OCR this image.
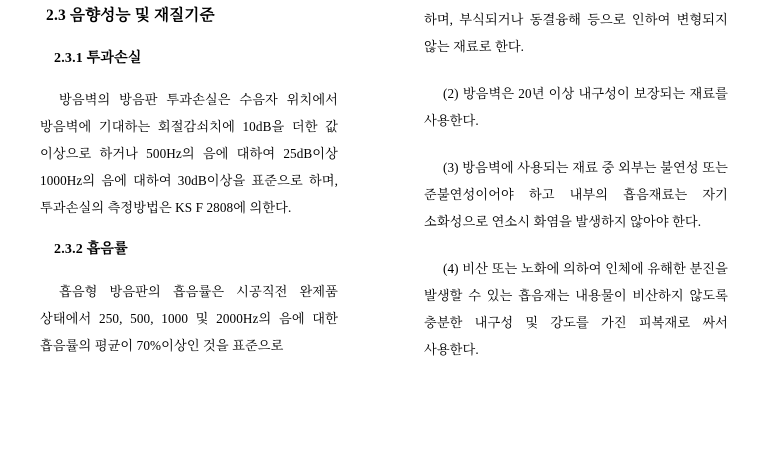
2.3 음향성능 및 재질기준
2.3.1 투과손실

방음벽의 방음판 투과손실은 수음자 위치에서 방음벽에 기대하는 회절감쇠치에 10dB을 더한 값 이상으로 하거나 500Hz의 음에 대하여 25dB이상 1000Hz의 음에 대하여 30dB이상을 표준으로 하며, 투과손실의 측정방법은 KS F 2808에 의한다.

2.3.2 흡음률

흡음형 방음판의 흡음률은 시공직전 완제품 상태에서 250, 500, 1000 및 2000Hz의 음에 대한 흡음률의 평균이 70%이상인 것을 표준으로

하며, 부식되거나 동결융해 등으로 인하여 변형되지 않는 재료로 한다.

(2) 방음벽은 20년 이상 내구성이 보장되는 재료를 사용한다.

(3) 방음벽에 사용되는 재료 중 외부는 불연성 또는 준불연성이어야 하고 내부의 흡음재료는 자기 소화성으로 연소시 화염을 발생하지 않아야 한다.

(4) 비산 또는 노화에 의하여 인체에 유해한 분진을 발생할 수 있는 흡음재는 내용물이 비산하지 않도록 충분한 내구성 및 강도를 가진 피복재로 싸서 사용한다.
